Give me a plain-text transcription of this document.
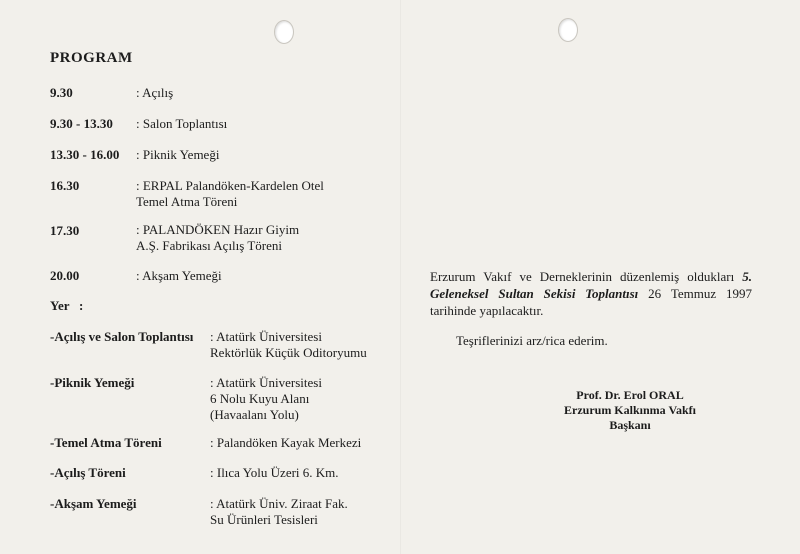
PROGRAM
9.30	: Açılış
9.30 - 13.30 : Salon Toplantısı
13.30 - 16.00 : Piknik Yemeği
16.30	: ERPAL Palandöken-Kardelen Otel
Temel Atma Töreni
17.30	: PALANDÖKEN Hazır Giyim
A.Ş. Fabrikası Açılış Töreni
20.00	: Akşam Yemeği
Yer   :
-Açılış ve Salon Toplantısı : Atatürk Üniversitesi
Rektörlük Küçük Oditoryumu
-Piknik Yemeği	: Atatürk Üniversitesi
6 Nolu Kuyu Alanı
(Havaalanı Yolu)
-Temel Atma Töreni	: Palandöken Kayak Merkezi
-Açılış Töreni	: Ilıca Yolu Üzeri 6. Km.
-Akşam Yemeği	: Atatürk Üniv. Ziraat Fak.
Su Ürünleri Tesisleri
Erzurum Vakıf ve Derneklerinin düzenlemiş oldukları 5. Geleneksel Sultan Sekisi Toplantısı 26 Temmuz 1997 tarihinde yapılacaktır.
Teşriflerinizi arz/rica ederim.
Prof. Dr. Erol ORAL
Erzurum Kalkınma Vakfı
Başkanı
